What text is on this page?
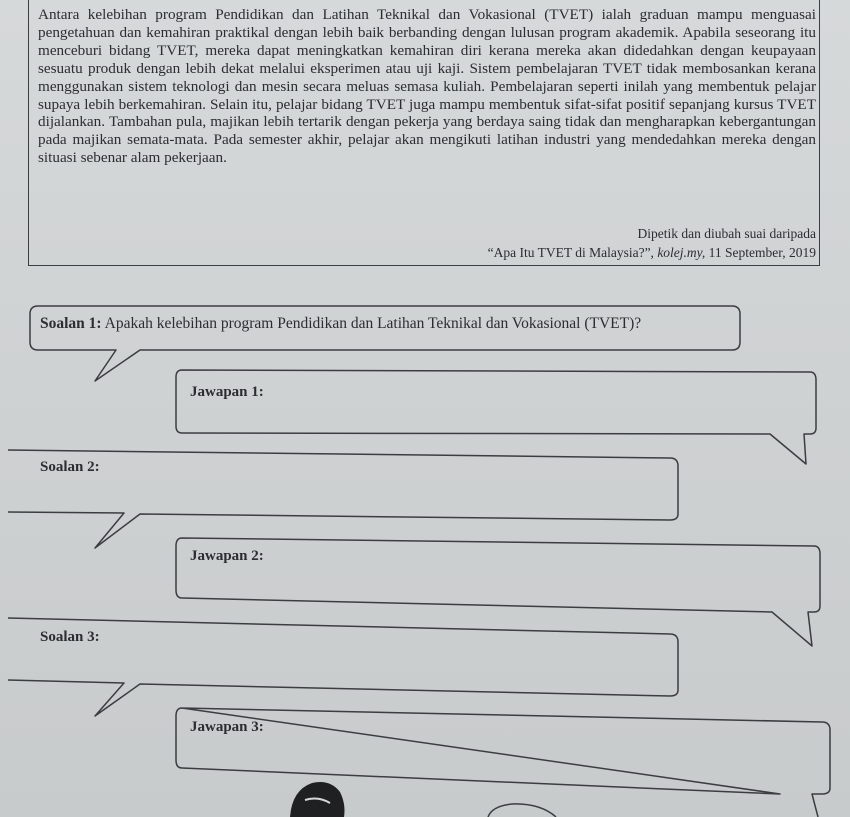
Antara kelebihan program Pendidikan dan Latihan Teknikal dan Vokasional (TVET) ialah graduan mampu menguasai pengetahuan dan kemahiran praktikal dengan lebih baik berbanding dengan lulusan program akademik. Apabila seseorang itu menceburi bidang TVET, mereka dapat meningkatkan kemahiran diri kerana mereka akan didedahkan dengan keupayaan sesuatu produk dengan lebih dekat melalui eksperimen atau uji kaji. Sistem pembelajaran TVET tidak membosankan kerana menggunakan sistem teknologi dan mesin secara meluas semasa kuliah. Pembelajaran seperti inilah yang membentuk pelajar supaya lebih berkemahiran. Selain itu, pelajar bidang TVET juga mampu membentuk sifat-sifat positif sepanjang kursus TVET dijalankan. Tambahan pula, majikan lebih tertarik dengan pekerja yang berdaya saing tidak dan mengharapkan kebergantungan pada majikan semata-mata. Pada semester akhir, pelajar akan mengikuti latihan industri yang mendedahkan mereka dengan situasi sebenar alam pekerjaan.

Dipetik dan diubah suai daripada
“Apa Itu TVET di Malaysia?”, kolej.my, 11 September, 2019
Soalan 1: Apakah kelebihan program Pendidikan dan Latihan Teknikal dan Vokasional (TVET)?
Jawapan 1:
Soalan 2:
Jawapan 2:
Soalan 3:
Jawapan 3:
